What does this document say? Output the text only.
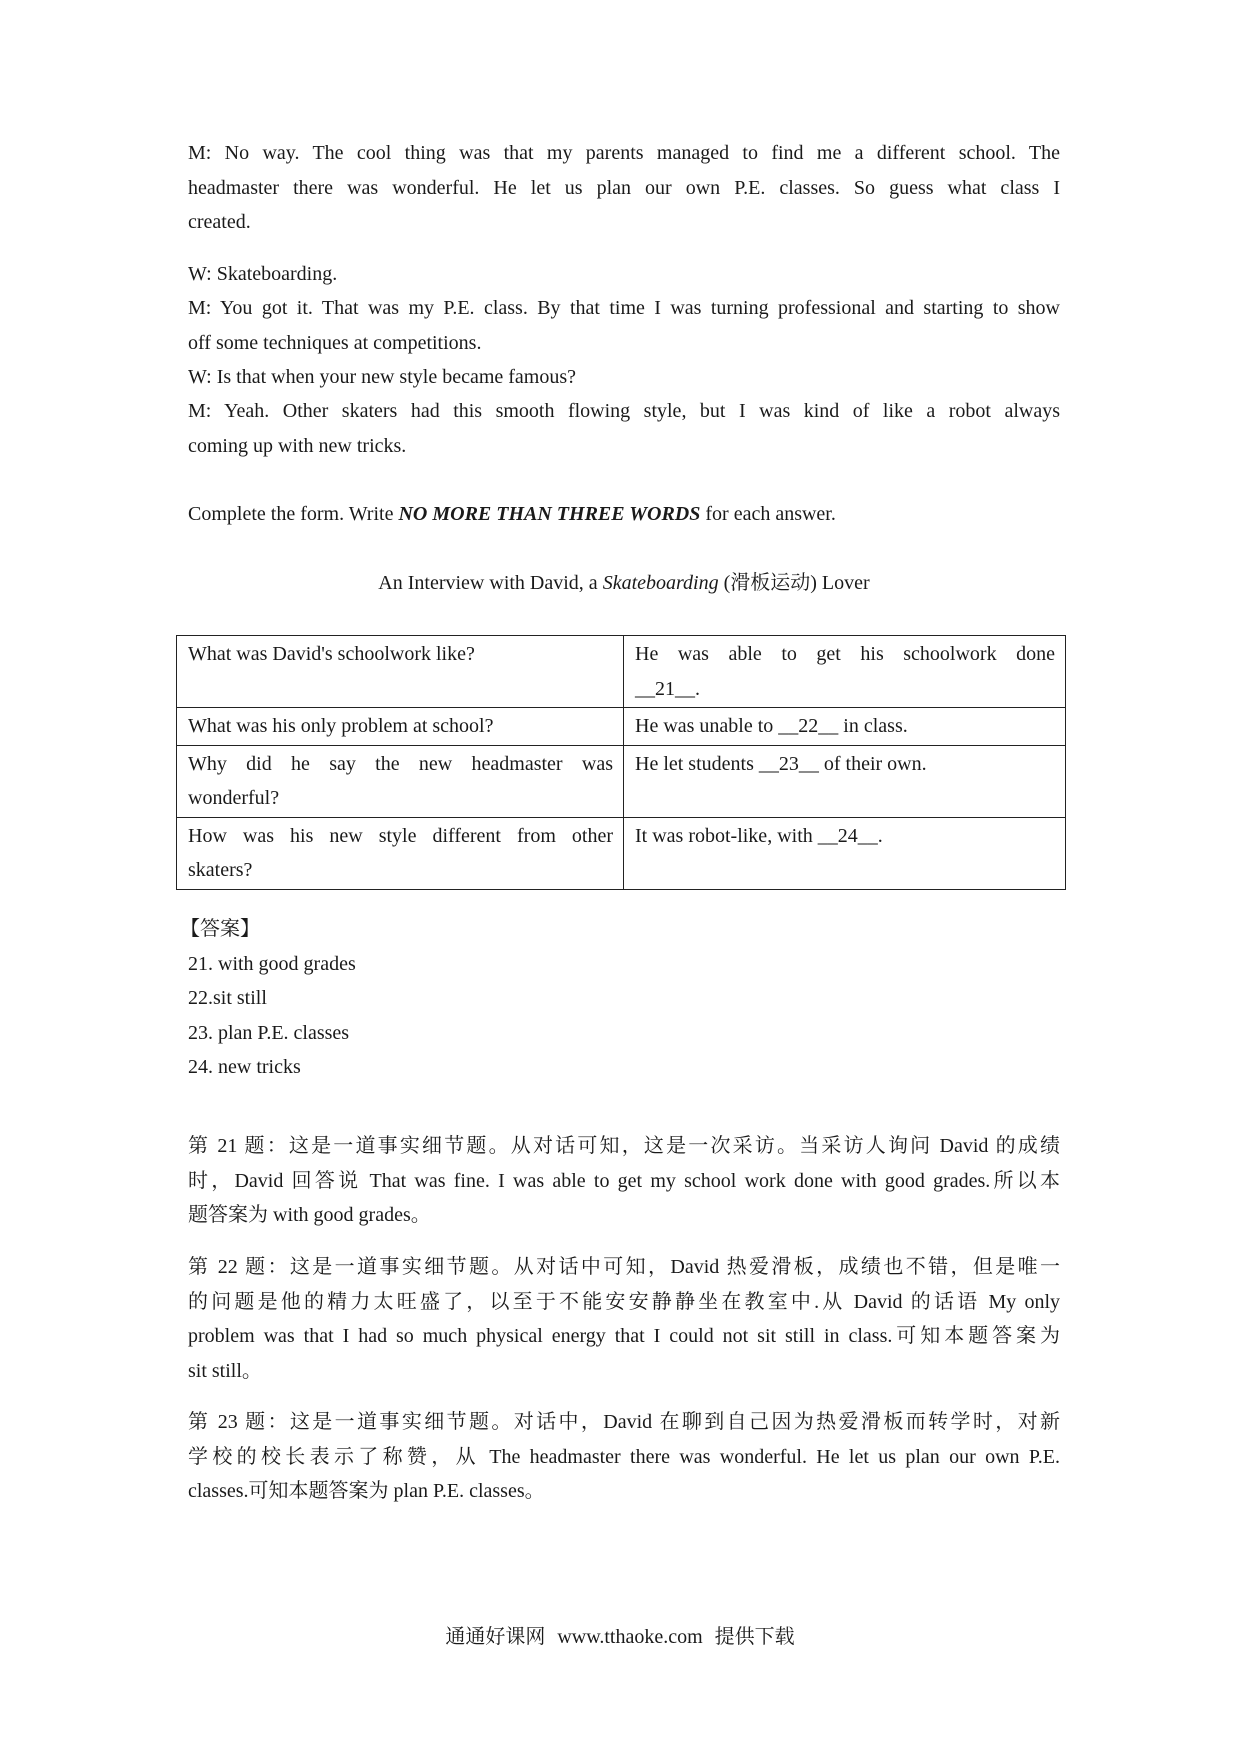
M: No way. The cool thing was that my parents managed to find me a different school. The
headmaster there was wonderful. He let us plan our own P.E. classes. So guess what class I
created.

W: Skateboarding.

M: You got it. That was my P.E. class. By that time I was turning professional and starting to show
off some techniques at competitions.

W: Is that when your new style became famous?

M: Yeah. Other skaters had this smooth flowing style, but I was kind of like a robot always
coming up with new tricks.

Complete the form. Write NO MORE THAN THREE WORDS for each answer.

An Interview with David, a Skateboarding (滑板运动) Lover

What was David's schoolwork like?	He was able to get his schoolwork done
__21__.

What was his only problem at school?	He was unable to __22__ in class.

Why did he say the new headmaster was
wonderful?	He let students __23__ of their own.

How was his new style different from other
skaters?	It was robot-like, with __24__.
【答案】
21. with good grades
22.sit still
23. plan P.E. classes
24. new tricks

第 21 题：这是一道事实细节题。从对话可知，这是一次采访。当采访人询问 David 的成绩
时，David 回答说 That was fine. I was able to get my school work done with good grades.所以本
题答案为 with good grades。

第 22 题：这是一道事实细节题。从对话中可知，David 热爱滑板，成绩也不错，但是唯一
的问题是他的精力太旺盛了，以至于不能安安静静坐在教室中.从 David 的话语 My only
problem was that I had so much physical energy that I could not sit still in class.可知本题答案为
sit still。

第 23 题：这是一道事实细节题。对话中，David 在聊到自己因为热爱滑板而转学时，对新
学校的校长表示了称赞，从 The headmaster there was wonderful. He let us plan our own P.E.
classes.可知本题答案为 plan P.E. classes。

通通好课网 www.tthaoke.com 提供下载
